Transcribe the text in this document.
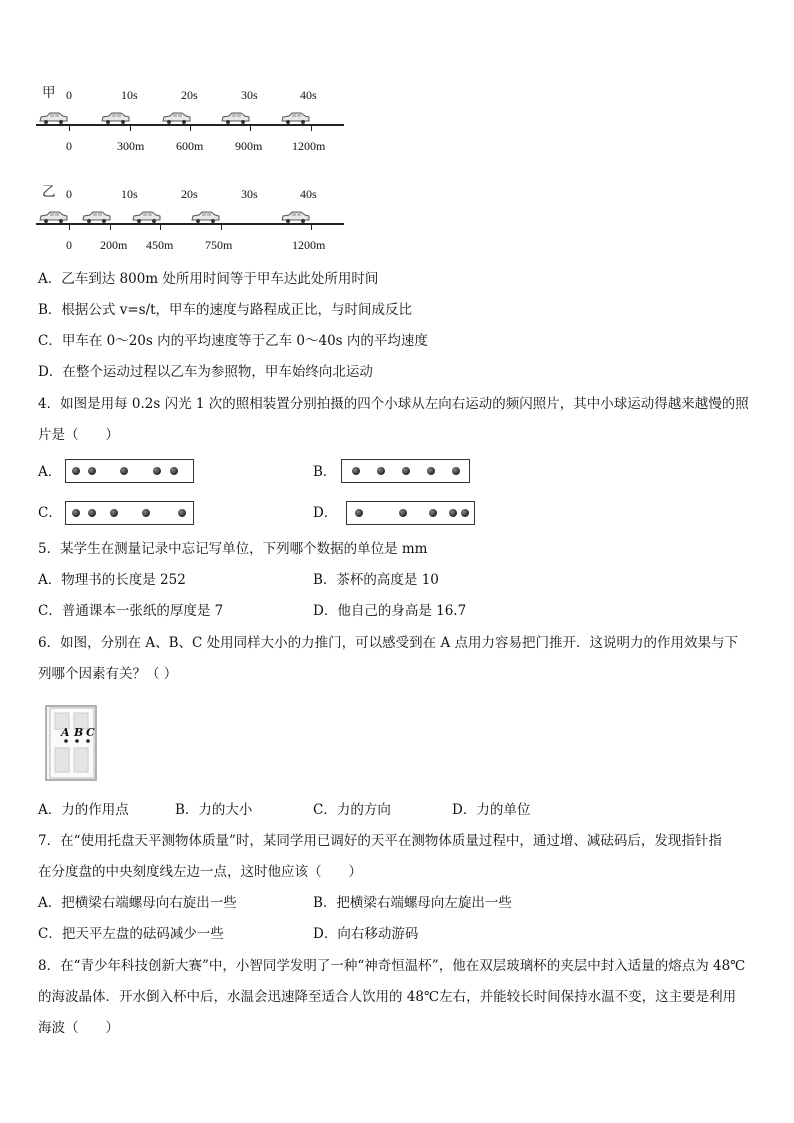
甲 0	10s	20s	30s	40s
0	300m	600m	900m 1200m
乙 0	10s	20s	30s	40s
0 200m 450m	750m	1200m
A．乙车到达 800m 处所用时间等于甲车达此处所用时间
B．根据公式 v=s/t，甲车的速度与路程成正比，与时间成反比
C．甲车在 0～20s 内的平均速度等于乙车 0～40s 内的平均速度
D．在整个运动过程以乙车为参照物，甲车始终向北运动
4．如图是用每 0.2s 闪光 1 次的照相装置分别拍摄的四个小球从左向右运动的频闪照片，其中小球运动得越来越慢的照
片是（　　）
A．	B．
C．	D．
5．某学生在测量记录中忘记写单位，下列哪个数据的单位是 mm
A．物理书的长度是 252	B．茶杯的高度是 10
C．普通课本一张纸的厚度是 7	D．他自己的身高是 16.7
6．如图，分别在 A、B、C 处用同样大小的力推门，可以感受到在 A 点用力容易把门推开．这说明力的作用效果与下
列哪个因素有关？（ ）
A B C
A．力的作用点	B．力的大小	C．力的方向	D．力的单位
7．在“使用托盘天平测物体质量”时，某同学用已调好的天平在测物体质量过程中，通过增、减砝码后，发现指针指
在分度盘的中央刻度线左边一点，这时他应该（　　）
A．把横梁右端螺母向右旋出一些	B．把横梁右端螺母向左旋出一些
C．把天平左盘的砝码减少一些	D．向右移动游码
8．在“青少年科技创新大赛”中，小智同学发明了一种“神奇恒温杯”，他在双层玻璃杯的夹层中封入适量的熔点为 48℃
的海波晶体．开水倒入杯中后，水温会迅速降至适合人饮用的 48℃左右，并能较长时间保持水温不变，这主要是利用
海波（　　）
